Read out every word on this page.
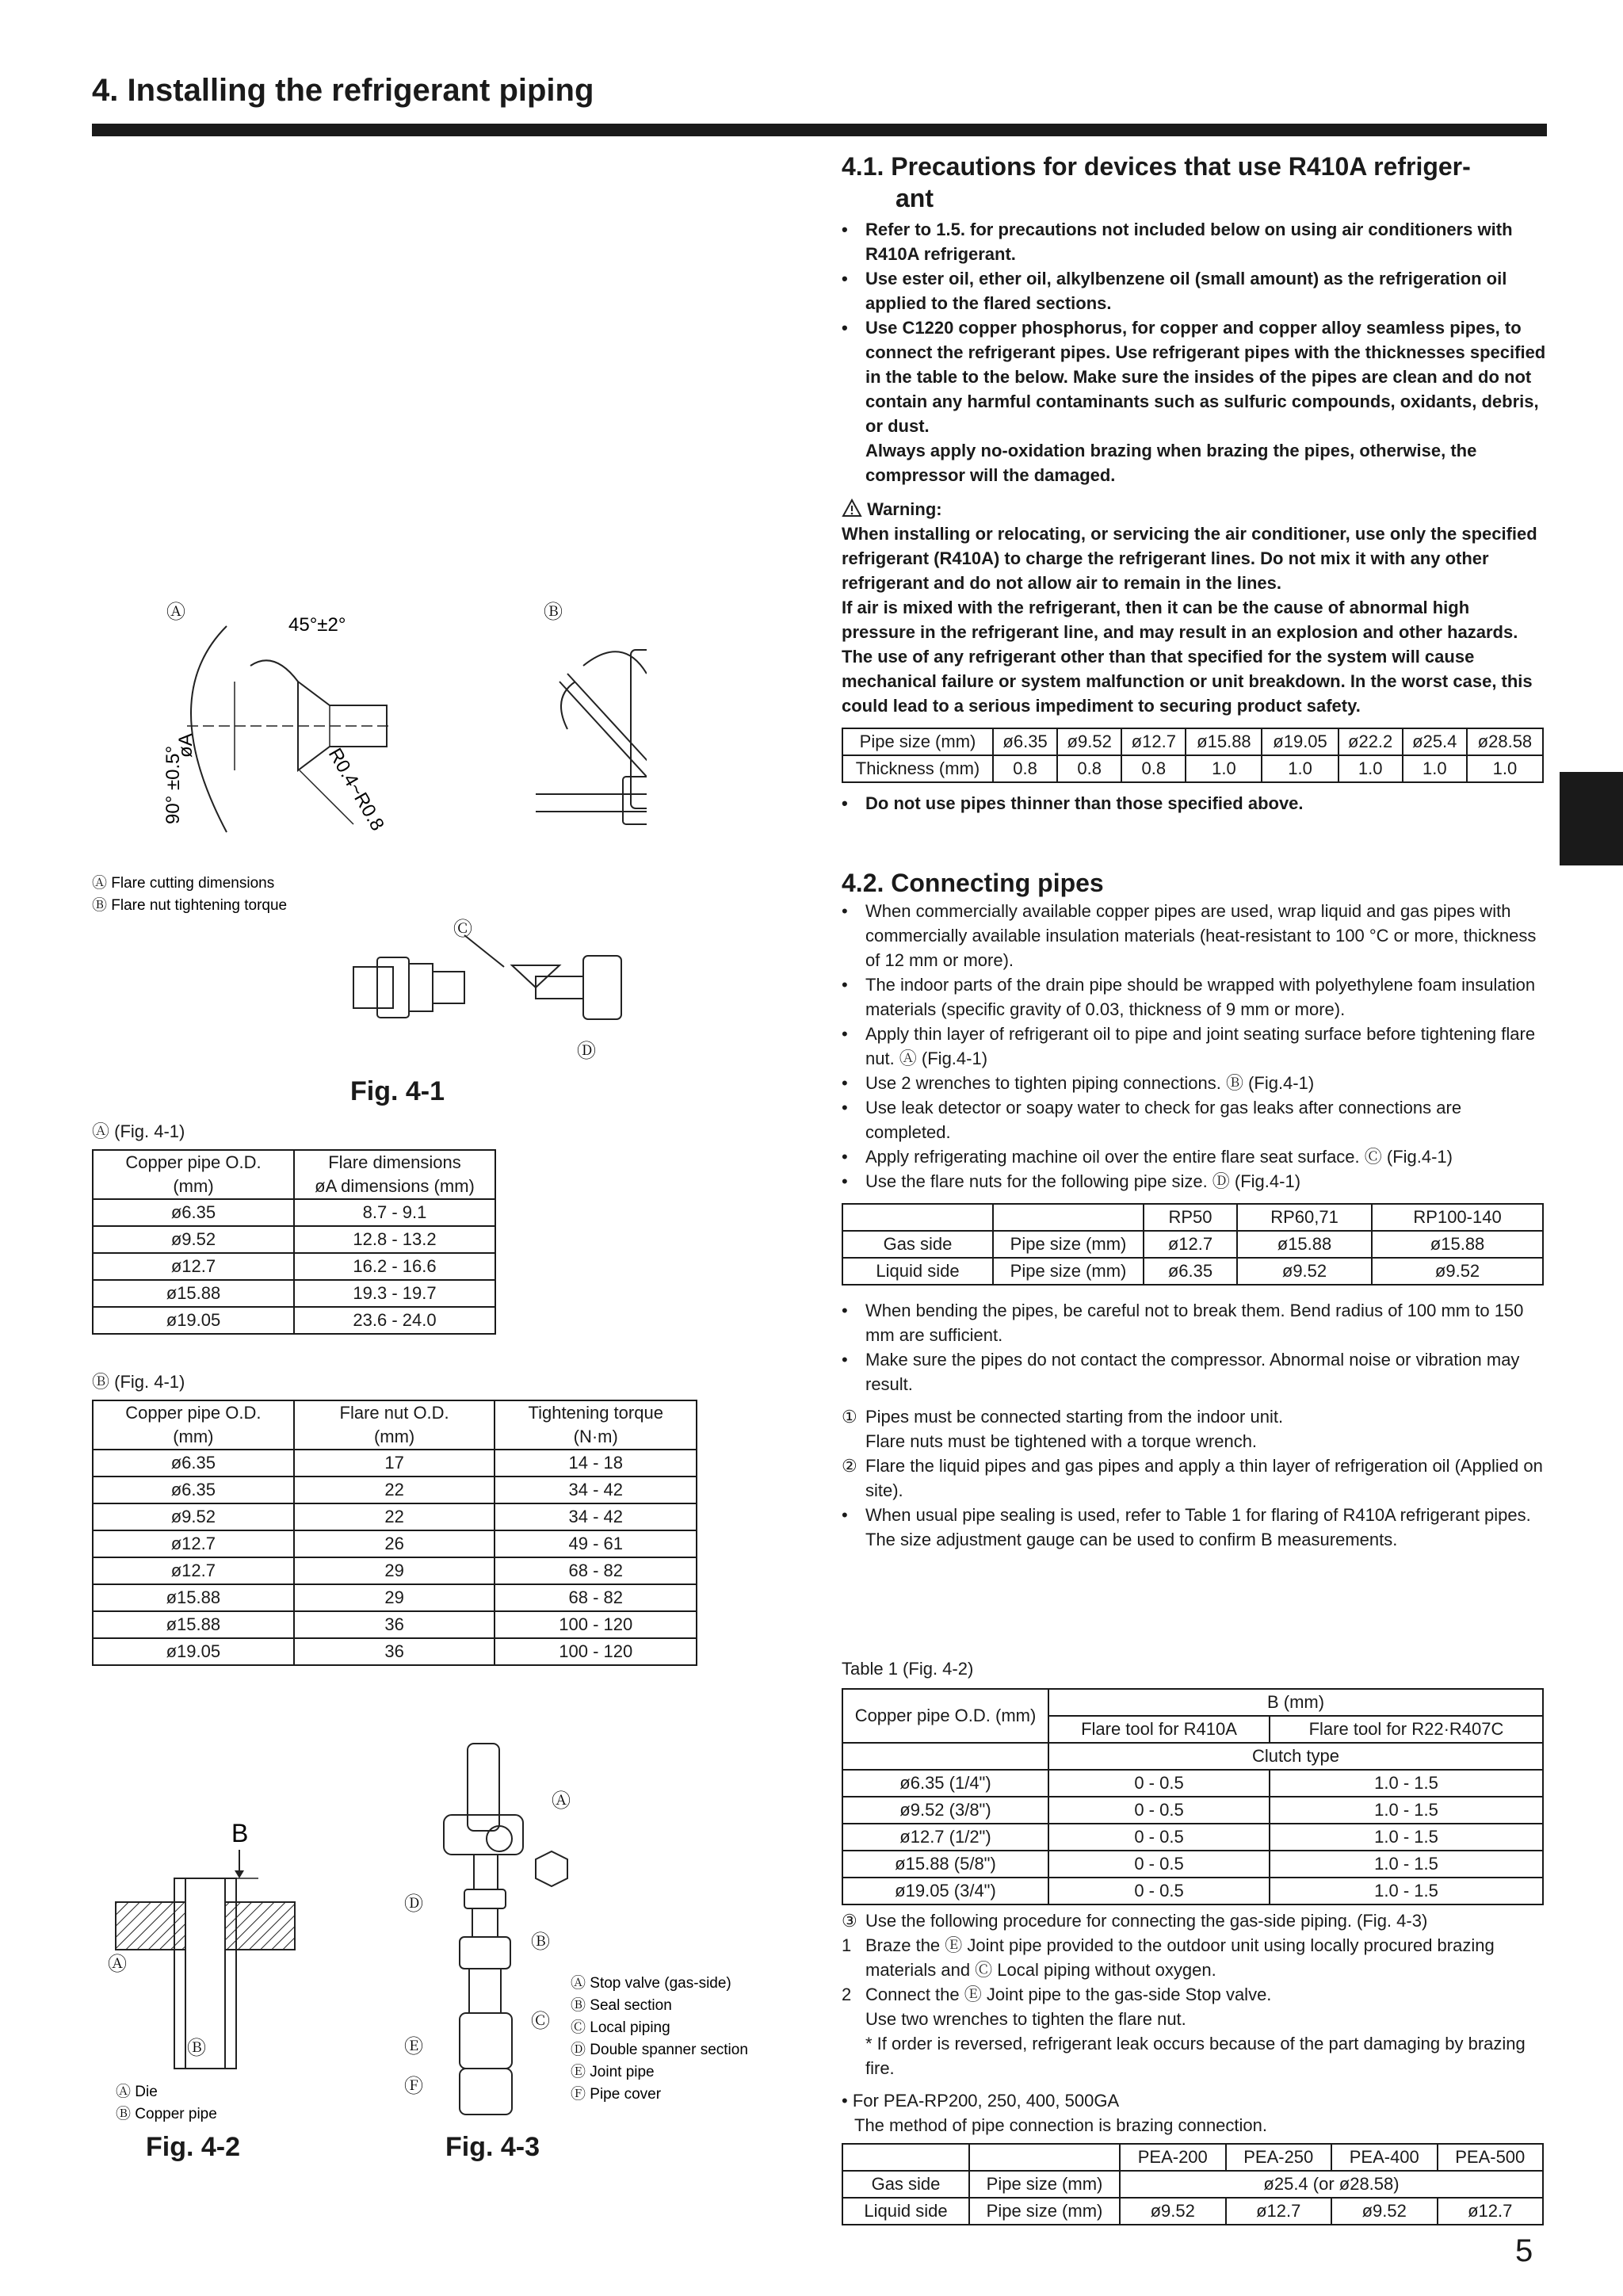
4. Installing the refrigerant piping
5
Ⓐ
45°±2°
øA
90° ±0.5°	R0.4~R0.8
Ⓑ
Ⓐ Flare cutting dimensions
Ⓑ Flare nut tightening torque
Ⓒ
Ⓓ
Fig. 4-1
Ⓐ (Fig. 4-1)
Copper pipe O.D.
(mm)	Flare dimensions
øA dimensions (mm)
ø6.35	8.7 - 9.1
ø9.52	12.8 - 13.2
ø12.7	16.2 - 16.6
ø15.88	19.3 - 19.7
ø19.05	23.6 - 24.0
Ⓑ (Fig. 4-1)
Copper pipe O.D.
(mm)	Flare nut O.D.
(mm)	Tightening torque
(N·m)
ø6.35	17	14 - 18
ø6.35	22	34 - 42
ø9.52	22	34 - 42
ø12.7	26	49 - 61
ø12.7	29	68 - 82
ø15.88	29	68 - 82
ø15.88	36	100 - 120
ø19.05	36	100 - 120
B
Ⓐ
Ⓑ
Ⓐ Die
Ⓑ Copper pipe
Fig. 4-2
Ⓐ
Ⓓ
Ⓑ
Ⓒ
Ⓔ
Ⓕ
Ⓐ Stop valve (gas-side)
Ⓑ Seal section
Ⓒ Local piping
Ⓓ Double spanner section
Ⓔ Joint pipe
Ⓕ Pipe cover
Fig. 4-3
4.1. Precautions for devices that use R410A refriger-
ant
• Refer to 1.5. for precautions not included below on using air conditioners with R410A refrigerant.
• Use ester oil, ether oil, alkylbenzene oil (small amount) as the refrigeration oil applied to the flared sections.
• Use C1220 copper phosphorus, for copper and copper alloy seamless pipes, to connect the refrigerant pipes. Use refrigerant pipes with the thicknesses specified in the table to the below. Make sure the insides of the pipes are clean and do not contain any harmful contaminants such as sulfuric compounds, oxidants, debris, or dust.
Always apply no-oxidation brazing when brazing the pipes, otherwise, the compressor will the damaged.
Warning:
When installing or relocating, or servicing the air conditioner, use only the specified refrigerant (R410A) to charge the refrigerant lines. Do not mix it with any other refrigerant and do not allow air to remain in the lines.
If air is mixed with the refrigerant, then it can be the cause of abnormal high pressure in the refrigerant line, and may result in an explosion and other hazards.
The use of any refrigerant other than that specified for the system will cause mechanical failure or system malfunction or unit breakdown. In the worst case, this could lead to a serious impediment to securing product safety.
Pipe size (mm)	ø6.35	ø9.52	ø12.7	ø15.88	ø19.05	ø22.2	ø25.4	ø28.58
Thickness (mm)	0.8	0.8	0.8	1.0	1.0	1.0	1.0	1.0
• Do not use pipes thinner than those specified above.
4.2. Connecting pipes
• When commercially available copper pipes are used, wrap liquid and gas pipes with commercially available insulation materials (heat-resistant to 100 °C or more, thickness of 12 mm or more).
• The indoor parts of the drain pipe should be wrapped with polyethylene foam insulation materials (specific gravity of 0.03, thickness of 9 mm or more).
• Apply thin layer of refrigerant oil to pipe and joint seating surface before tightening flare nut. Ⓐ (Fig.4-1)
• Use 2 wrenches to tighten piping connections. Ⓑ (Fig.4-1)
• Use leak detector or soapy water to check for gas leaks after connections are completed.
• Apply refrigerating machine oil over the entire flare seat surface. Ⓒ (Fig.4-1)
• Use the flare nuts for the following pipe size. Ⓓ (Fig.4-1)
		RP50	RP60,71	RP100-140
Gas side	Pipe size (mm)	ø12.7	ø15.88	ø15.88
Liquid side	Pipe size (mm)	ø6.35	ø9.52	ø9.52
• When bending the pipes, be careful not to break them. Bend radius of 100 mm to 150 mm are sufficient.
• Make sure the pipes do not contact the compressor. Abnormal noise or vibration may result.
① Pipes must be connected starting from the indoor unit.
Flare nuts must be tightened with a torque wrench.
② Flare the liquid pipes and gas pipes and apply a thin layer of refrigeration oil (Applied on site).
• When usual pipe sealing is used, refer to Table 1 for flaring of R410A refrigerant pipes.
The size adjustment gauge can be used to confirm B measurements.
Table 1 (Fig. 4-2)
Copper pipe O.D. (mm)	B (mm)	
	Flare tool for R410A	Flare tool for R22·R407C
	Clutch type	
ø6.35 (1/4")	0 - 0.5	1.0 - 1.5
ø9.52 (3/8")	0 - 0.5	1.0 - 1.5
ø12.7 (1/2")	0 - 0.5	1.0 - 1.5
ø15.88 (5/8")	0 - 0.5	1.0 - 1.5
ø19.05 (3/4")	0 - 0.5	1.0 - 1.5
③ Use the following procedure for connecting the gas-side piping. (Fig. 4-3)
1 Braze the Ⓔ Joint pipe provided to the outdoor unit using locally procured brazing materials and Ⓒ Local piping without oxygen.
2 Connect the Ⓔ Joint pipe to the gas-side Stop valve.
Use two wrenches to tighten the flare nut.
* If order is reversed, refrigerant leak occurs because of the part damaging by brazing fire.
• For PEA-RP200, 250, 400, 500GA
The method of pipe connection is brazing connection.
		PEA-200	PEA-250	PEA-400	PEA-500
Gas side	Pipe size (mm)	ø25.4 (or ø28.58)			
Liquid side	Pipe size (mm)	ø9.52	ø12.7	ø9.52	ø12.7
